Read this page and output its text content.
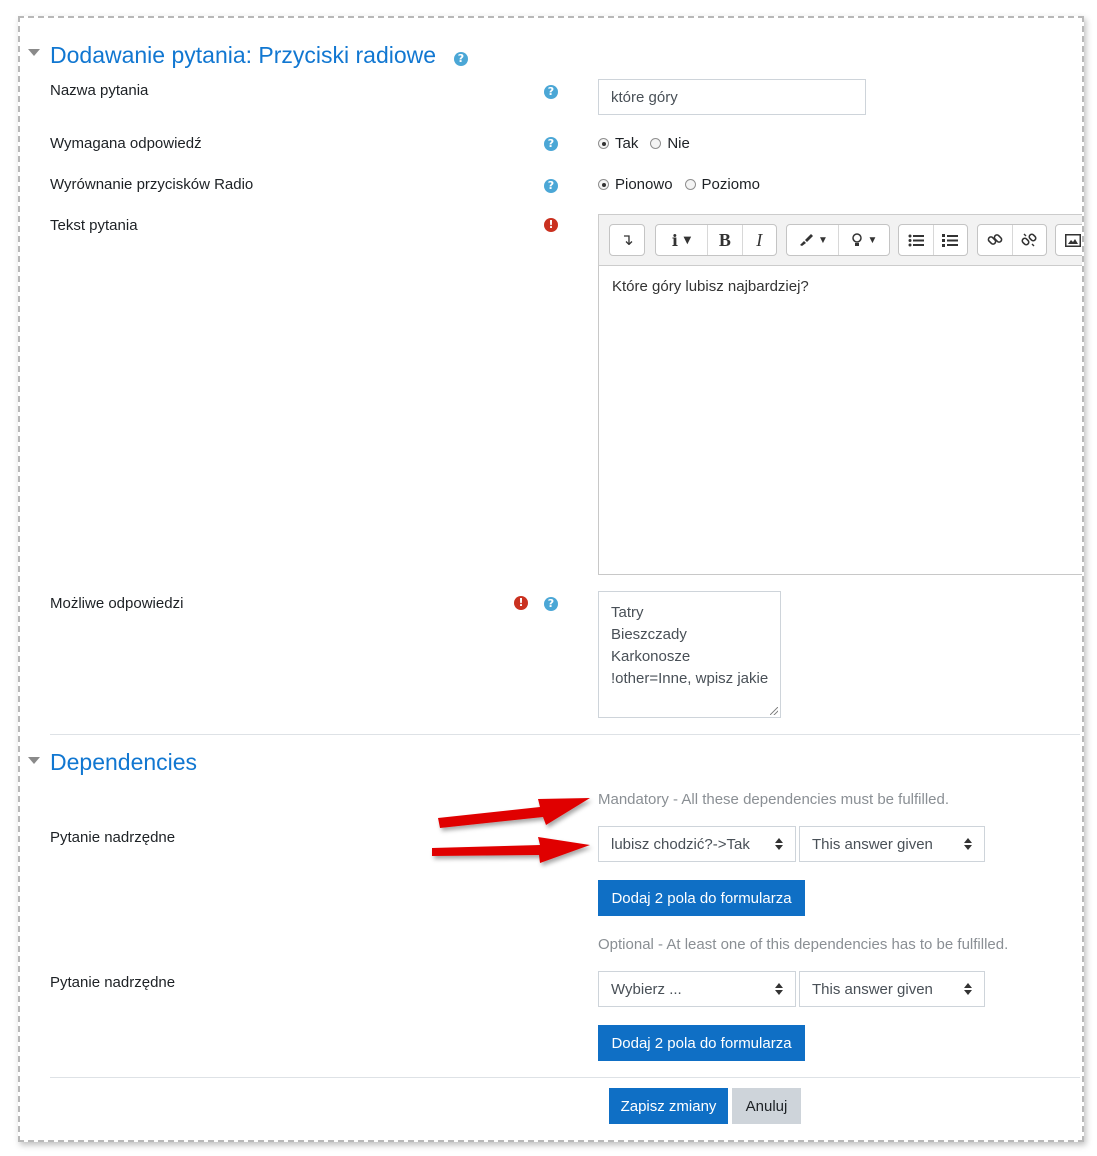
Dodawanie pytania: Przyciski radiowe	?
Nazwa pytania	?	które góry
Wymagana odpowiedź	?	Tak Nie
Wyrównanie przycisków Radio	?	Pionowo Poziomo
Tekst pytania	!
↴	i
▼ B I
	▼
	▼
Które góry lubisz najbardziej?
Możliwe odpowiedzi	!	?
Tatry
Bieszczady
Karkonosze
!other=Inne, wpisz jakie
Dependencies
Mandatory - All these dependencies must be fulfilled.
Pytanie nadrzędne	lubisz chodzić?->Tak	This answer given
Dodaj 2 pola do formularza
Optional - At least one of this dependencies has to be fulfilled.
Pytanie nadrzędne	Wybierz ...	This answer given
Dodaj 2 pola do formularza
Zapisz zmiany	Anuluj
